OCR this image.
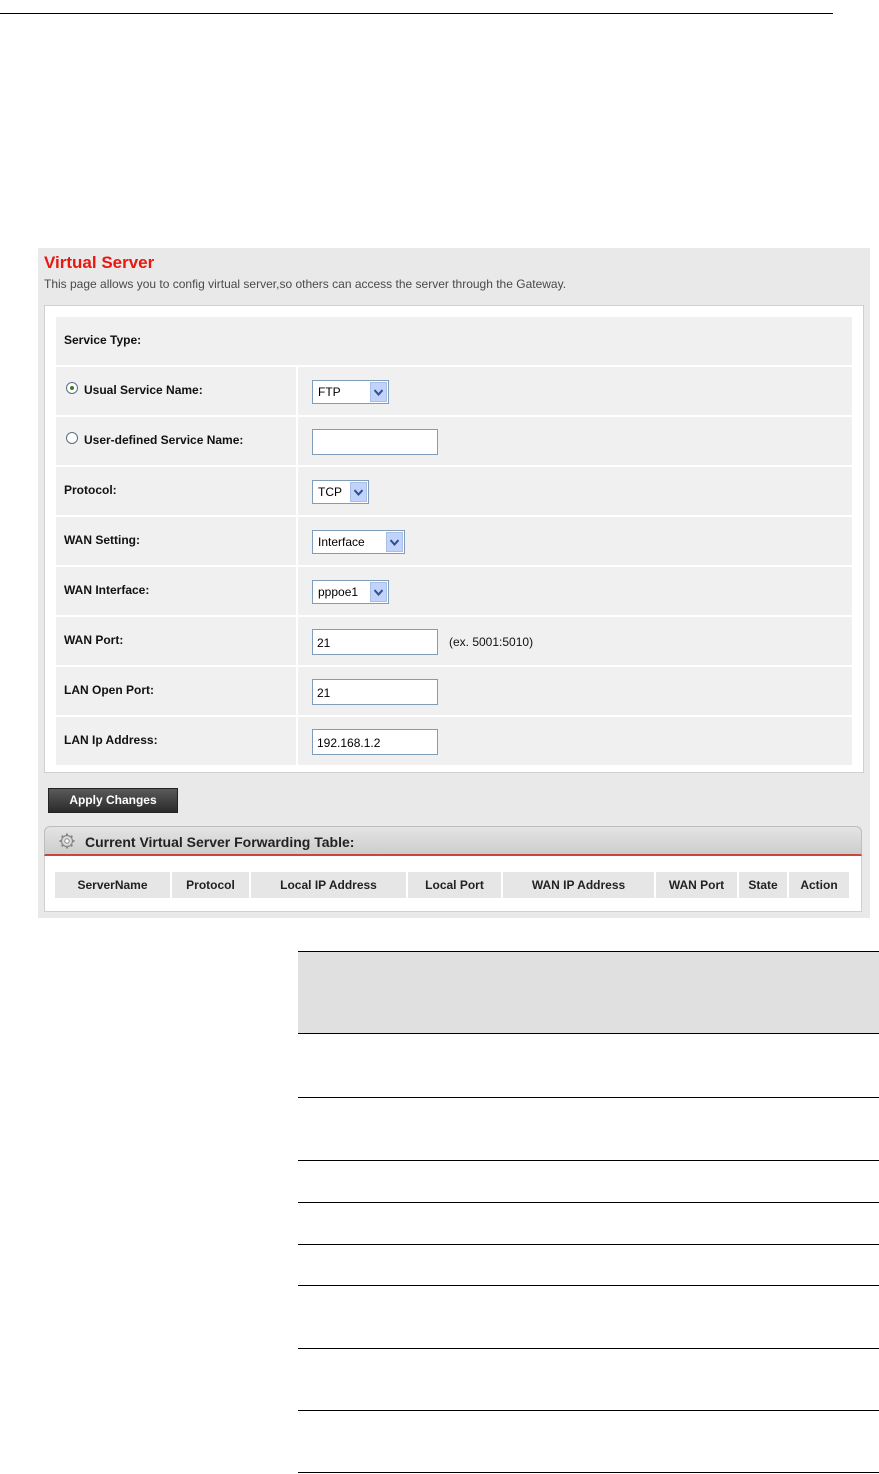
Virtual Server
This page allows you to config virtual server,so others can access the server through the Gateway.
Service Type:
Usual Service Name:	FTP
User-defined Service Name:
Protocol:	TCP
WAN Setting:	Interface
WAN Interface:	pppoe1
WAN Port:	21	(ex. 5001:5010)
LAN Open Port:	21
LAN Ip Address:	192.168.1.2
Apply Changes
Current Virtual Server Forwarding Table:
ServerName	Protocol	Local IP Address	Local Port	WAN IP Address	WAN Port	State	Action
